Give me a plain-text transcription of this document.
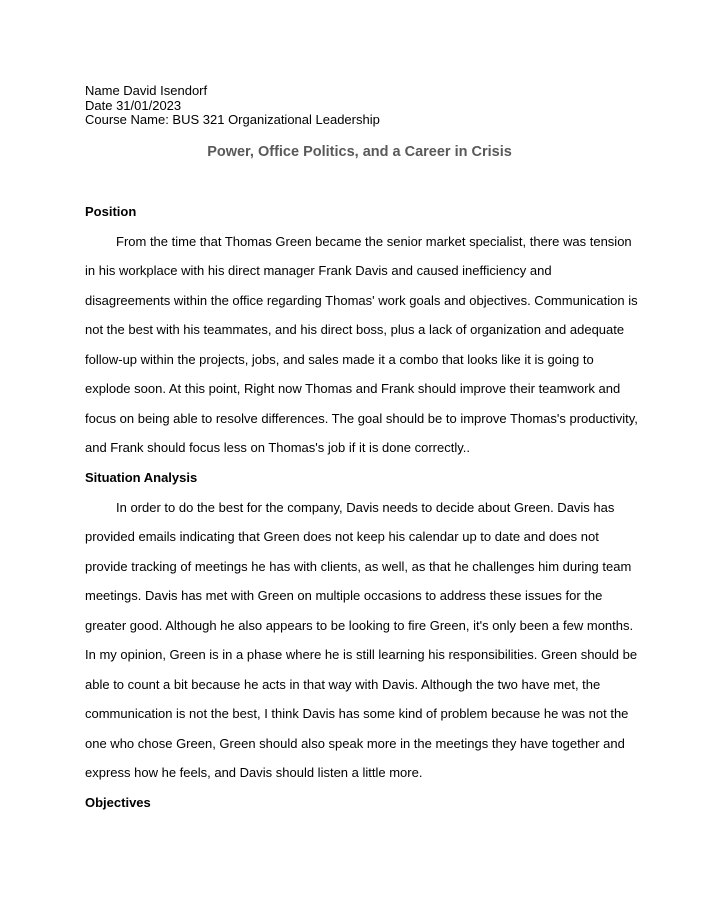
Name David Isendorf

Date 31/01/2023

Course Name: BUS 321 Organizational Leadership

Power, Office Politics, and a Career in Crisis
Position

From the time that Thomas Green became the senior market specialist, there was tension
in his workplace with his direct manager Frank Davis and caused inefficiency and
disagreements within the office regarding Thomas' work goals and objectives. Communication is
not the best with his teammates, and his direct boss, plus a lack of organization and adequate
follow-up within the projects, jobs, and sales made it a combo that looks like it is going to
explode soon. At this point, Right now Thomas and Frank should improve their teamwork and
focus on being able to resolve differences. The goal should be to improve Thomas's productivity,
and Frank should focus less on Thomas's job if it is done correctly..

Situation Analysis

In order to do the best for the company, Davis needs to decide about Green. Davis has
provided emails indicating that Green does not keep his calendar up to date and does not
provide tracking of meetings he has with clients, as well, as that he challenges him during team
meetings. Davis has met with Green on multiple occasions to address these issues for the
greater good. Although he also appears to be looking to fire Green, it's only been a few months.
In my opinion, Green is in a phase where he is still learning his responsibilities. Green should be
able to count a bit because he acts in that way with Davis. Although the two have met, the
communication is not the best, I think Davis has some kind of problem because he was not the
one who chose Green, Green should also speak more in the meetings they have together and
express how he feels, and Davis should listen a little more.

Objectives
